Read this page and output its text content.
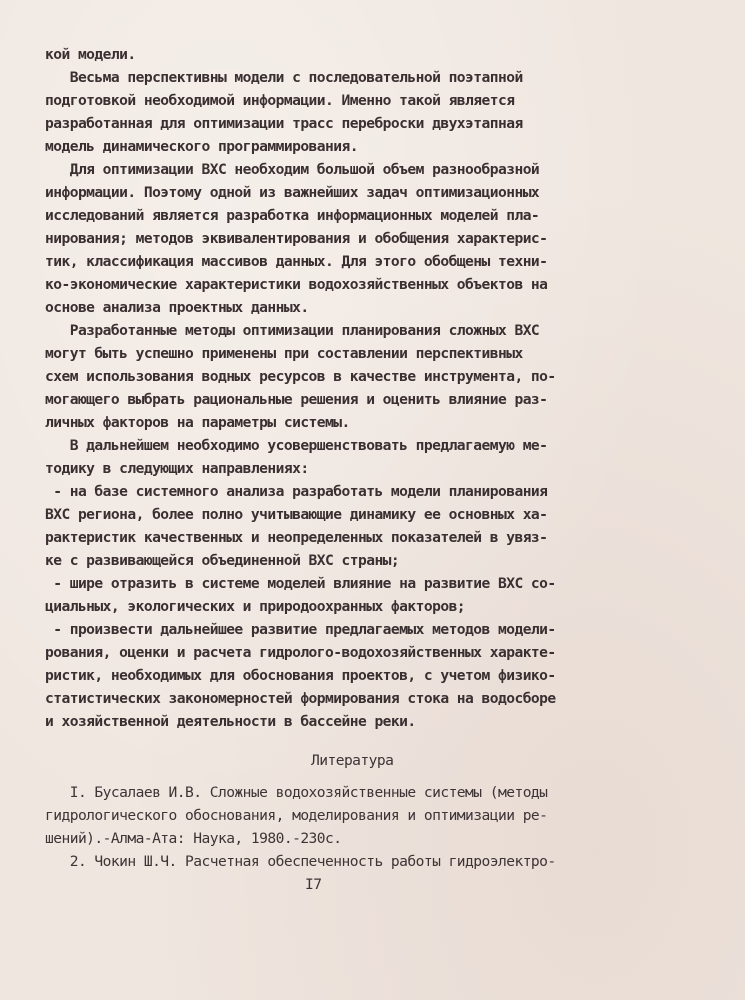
кой модели.
Весьма перспективны модели с последовательной поэтапной
подготовкой необходимой информации. Именно такой является
разработанная для оптимизации трасс переброски двухэтапная
модель динамического программирования.
Для оптимизации ВХС необходим большой объем разнообразной
информации. Поэтому одной из важнейших задач оптимизационных
исследований является разработка информационных моделей пла-
нирования; методов эквивалентирования и обобщения характерис-
тик, классификация массивов данных. Для этого обобщены техни-
ко-экономические характеристики водохозяйственных объектов на
основе анализа проектных данных.
Разработанные методы оптимизации планирования сложных ВХС
могут быть успешно применены при составлении перспективных
схем использования водных ресурсов в качестве инструмента, по-
могающего выбрать рациональные решения и оценить влияние раз-
личных факторов на параметры системы.
В дальнейшем необходимо усовершенствовать предлагаемую ме-
тодику в следующих направлениях:
- на базе системного анализа разработать модели планирования
ВХС региона, более полно учитывающие динамику ее основных ха-
рактеристик качественных и неопределенных показателей в увяз-
ке с развивающейся объединенной ВХС страны;
- шире отразить в системе моделей влияние на развитие ВХС со-
циальных, экологических и природоохранных факторов;
- произвести дальнейшее развитие предлагаемых методов модели-
рования, оценки и расчета гидролого-водохозяйственных характе-
ристик, необходимых для обоснования проектов, с учетом физико-
статистических закономерностей формирования стока на водосборе
и хозяйственной деятельности в бассейне реки.
Литература
I. Бусалаев И.В. Сложные водохозяйственные системы (методы
гидрологического обоснования, моделирования и оптимизации ре-
шений).-Алма-Ата: Наука, 1980.-230с.
2. Чокин Ш.Ч. Расчетная обеспеченность работы гидроэлектро-
I7
